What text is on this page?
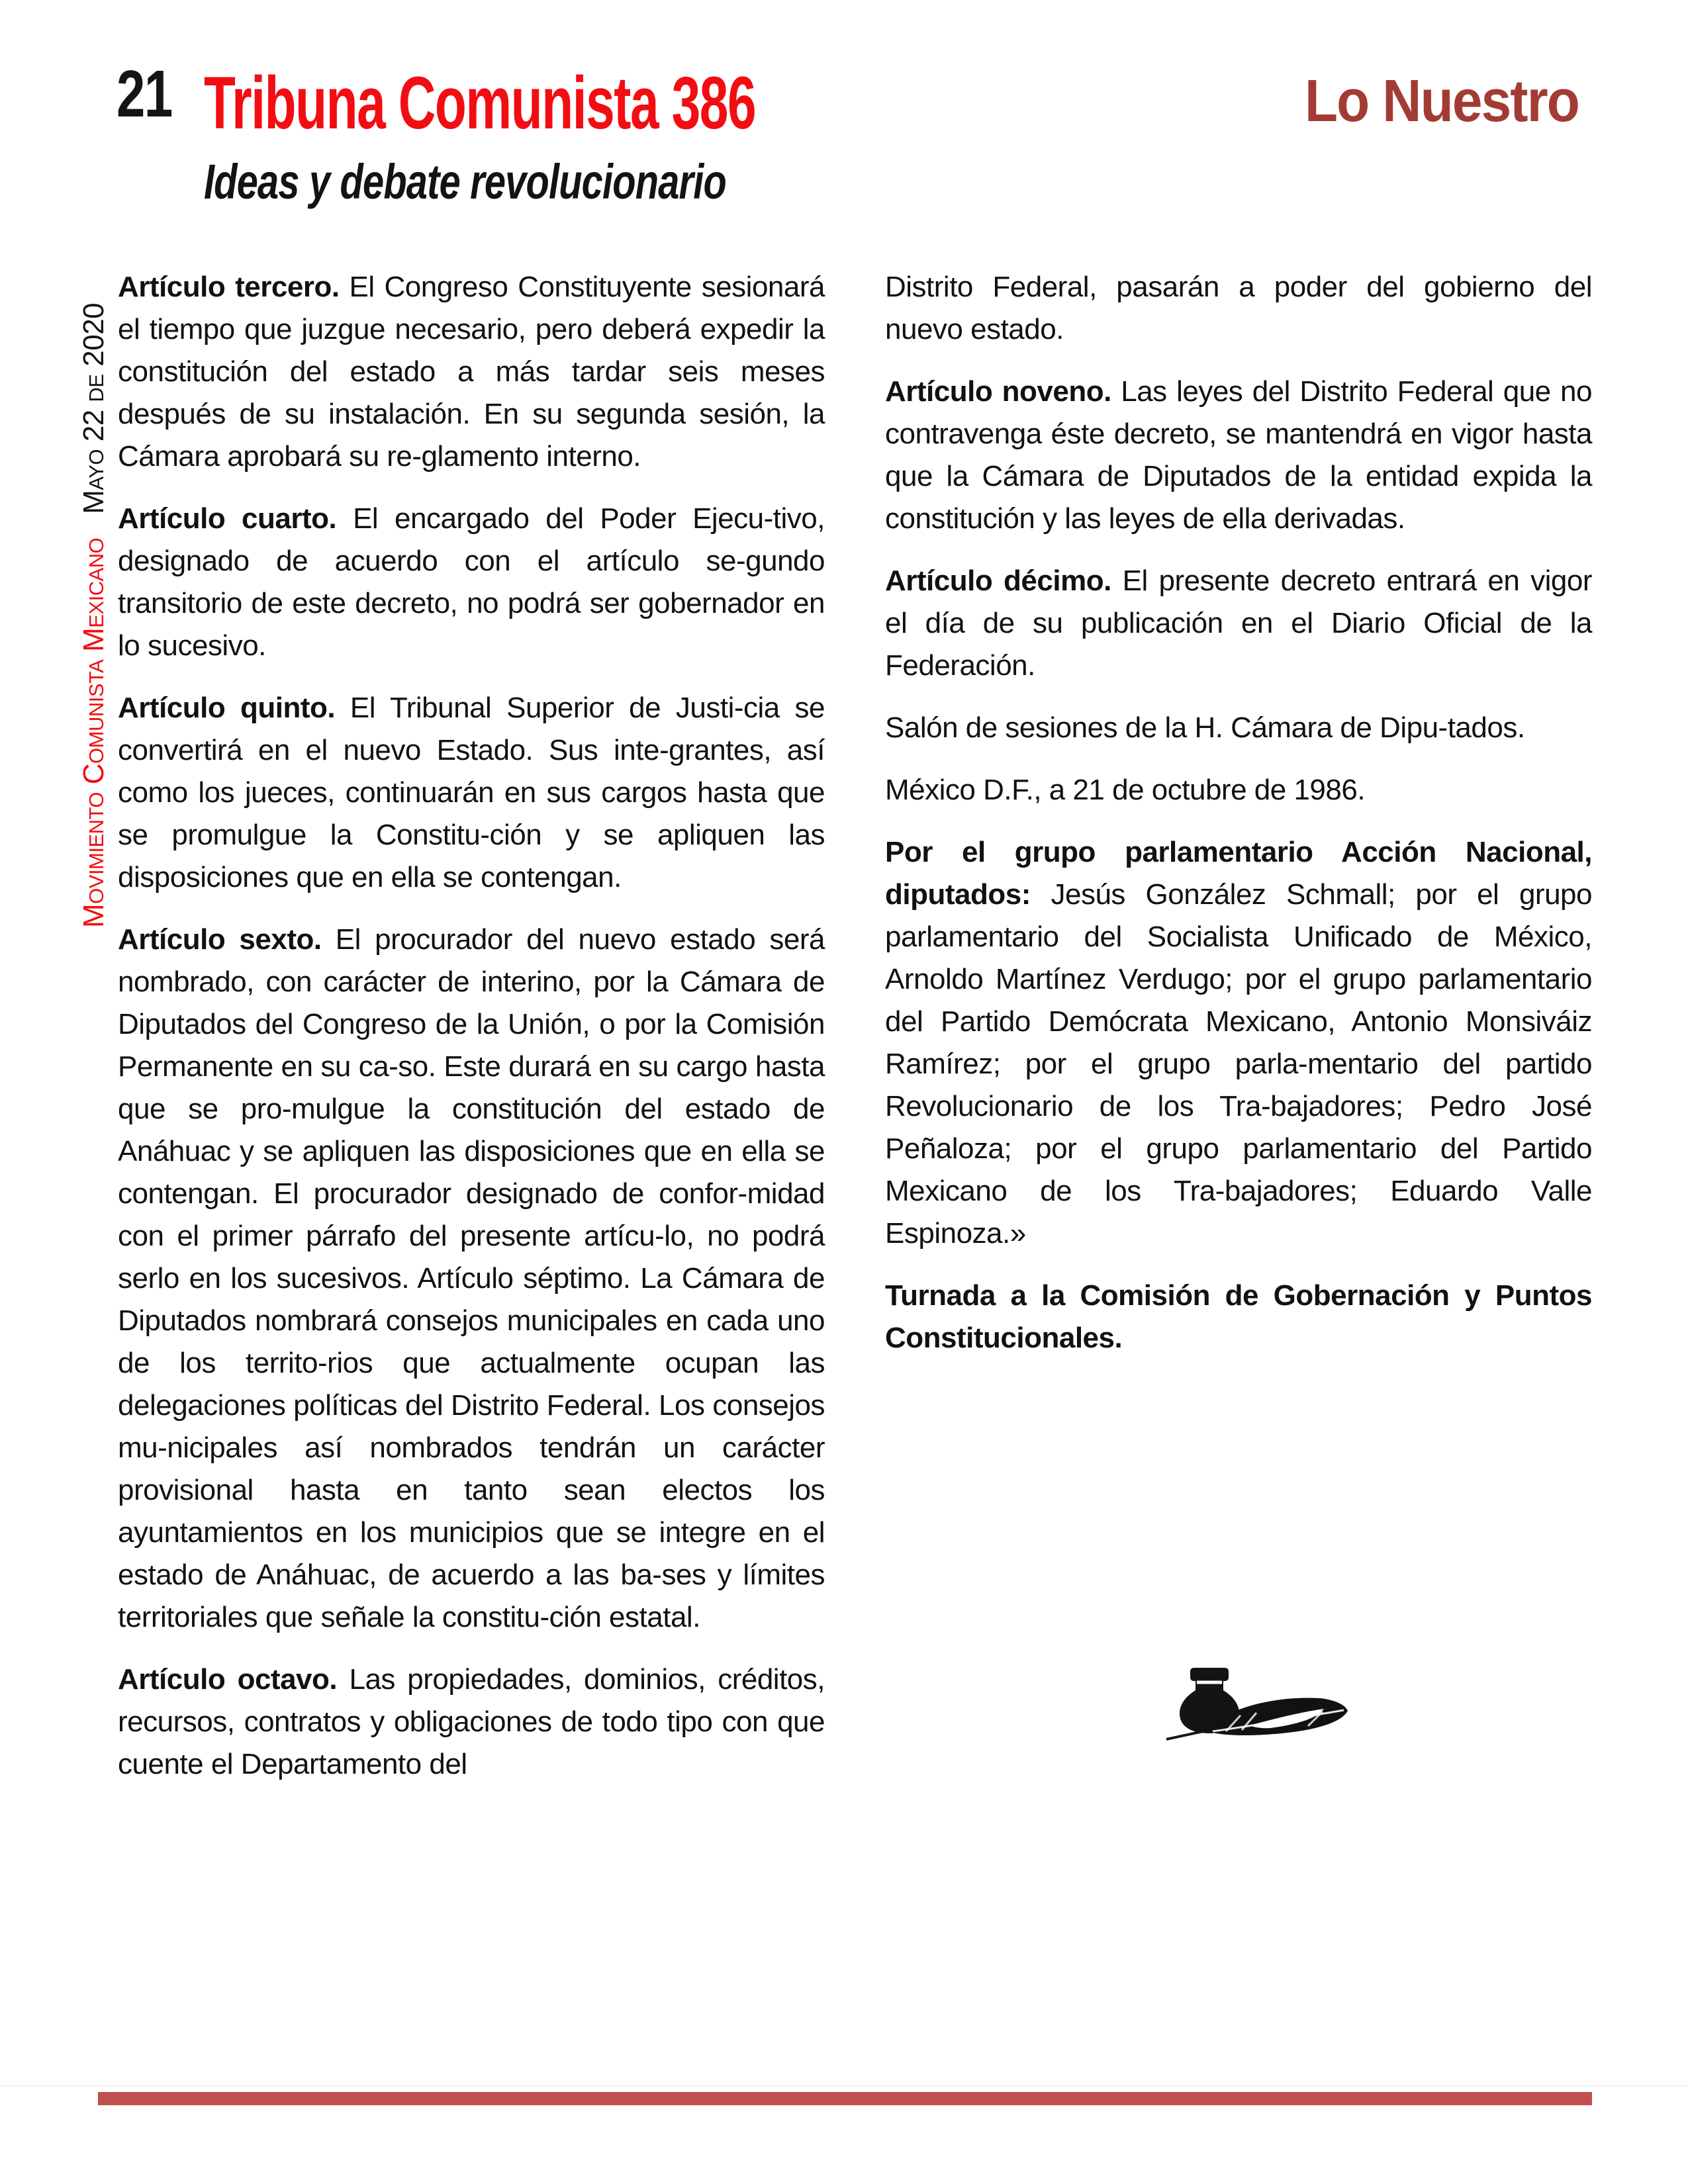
21 Tribuna Comunista 386
Ideas y debate revolucionario
Lo Nuestro
Movimiento Comunista MexicanoMayo 22 de 2020

Artículo tercero. El Congreso Constituyente sesionará el tiempo que juzgue necesario, pero deberá expedir la constitución del estado a más tardar seis meses después de su instalación. En su segunda sesión, la Cámara aprobará su re-glamento interno.

Artículo cuarto. El encargado del Poder Ejecu-tivo, designado de acuerdo con el artículo se-gundo transitorio de este decreto, no podrá ser gobernador en lo sucesivo.

Artículo quinto. El Tribunal Superior de Justi-cia se convertirá en el nuevo Estado. Sus inte-grantes, así como los jueces, continuarán en sus cargos hasta que se promulgue la Constitu-ción y se apliquen las disposiciones que en ella se contengan.

Artículo sexto. El procurador del nuevo estado será nombrado, con carácter de interino, por la Cámara de Diputados del Congreso de la Unión, o por la Comisión Permanente en su ca-so. Este durará en su cargo hasta que se pro-mulgue la constitución del estado de Anáhuac y se apliquen las disposiciones que en ella se contengan. El procurador designado de confor-midad con el primer párrafo del presente artícu-lo, no podrá serlo en los sucesivos. Artículo séptimo. La Cámara de Diputados nombrará consejos municipales en cada uno de los territo-rios que actualmente ocupan las delegaciones políticas del Distrito Federal. Los consejos mu-nicipales así nombrados tendrán un carácter provisional hasta en tanto sean electos los ayuntamientos en los municipios que se integre en el estado de Anáhuac, de acuerdo a las ba-ses y límites territoriales que señale la constitu-ción estatal.

Artículo octavo. Las propiedades, dominios, créditos, recursos, contratos y obligaciones de todo tipo con que cuente el Departamento del

Distrito Federal, pasarán a poder del gobierno del nuevo estado.

Artículo noveno. Las leyes del Distrito Federal que no contravenga éste decreto, se mantendrá en vigor hasta que la Cámara de Diputados de la entidad expida la constitución y las leyes de ella derivadas.

Artículo décimo. El presente decreto entrará en vigor el día de su publicación en el Diario Oficial de la Federación.

Salón de sesiones de la H. Cámara de Dipu-tados.

México D.F., a 21 de octubre de 1986.

Por el grupo parlamentario Acción Nacional, diputados: Jesús González Schmall; por el grupo parlamentario del Socialista Unificado de México, Arnoldo Martínez Verdugo; por el grupo parlamentario del Partido Demócrata Mexicano, Antonio Monsiváiz Ramírez; por el grupo parla-mentario del partido Revolucionario de los Tra-bajadores; Pedro José Peñaloza; por el grupo parlamentario del Partido Mexicano de los Tra-bajadores; Eduardo Valle Espinoza.»

Turnada a la Comisión de Gobernación y Puntos Constitucionales.
